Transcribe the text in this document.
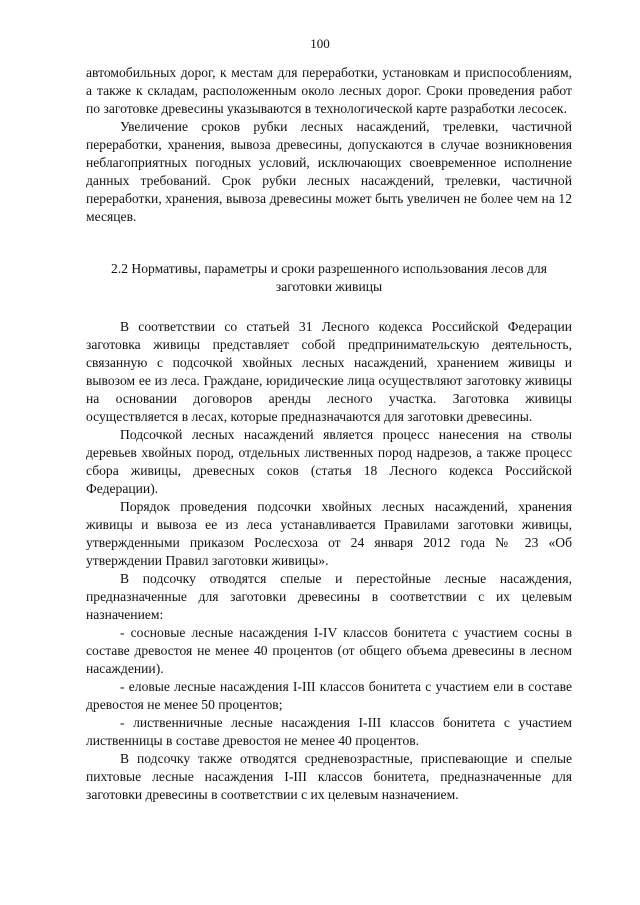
100

автомобильных дорог, к местам для переработки, установкам и приспособлениям, а также к складам, расположенным около лесных дорог. Сроки проведения работ по заготовке древесины указываются в технологической карте разработки лесосек.

Увеличение сроков рубки лесных насаждений, трелевки, частичной переработки, хранения, вывоза древесины, допускаются в случае возникновения неблагоприятных погодных условий, исключающих своевременное исполнение данных требований. Срок рубки лесных насаждений, трелевки, частичной переработки, хранения, вывоза древесины может быть увеличен не более чем на 12 месяцев.

2.2 Нормативы, параметры и сроки разрешенного использования лесов для заготовки живицы

В соответствии со статьей 31 Лесного кодекса Российской Федерации заготовка живицы представляет собой предпринимательскую деятельность, связанную с подсочкой хвойных лесных насаждений, хранением живицы и вывозом ее из леса. Граждане, юридические лица осуществляют заготовку живицы на основании договоров аренды лесного участка. Заготовка живицы осуществляется в лесах, которые предназначаются для заготовки древесины.

Подсочкой лесных насаждений является процесс нанесения на стволы деревьев хвойных пород, отдельных лиственных пород надрезов, а также процесс сбора живицы, древесных соков (статья 18 Лесного кодекса Российской Федерации).

Порядок проведения подсочки хвойных лесных насаждений, хранения живицы и вывоза ее из леса устанавливается Правилами заготовки живицы, утвержденными приказом Рослесхоза от 24 января 2012 года № 23 «Об утверждении Правил заготовки живицы».

В подсочку отводятся спелые и перестойные лесные насаждения, предназначенные для заготовки древесины в соответствии с их целевым назначением:

- сосновые лесные насаждения I-IV классов бонитета с участием сосны в составе древостоя не менее 40 процентов (от общего объема древесины в лесном насаждении).

- еловые лесные насаждения I-III классов бонитета с участием ели в составе древостоя не менее 50 процентов;

- лиственничные лесные насаждения I-III классов бонитета с участием лиственницы в составе древостоя не менее 40 процентов.

В подсочку также отводятся средневозрастные, приспевающие и спелые пихтовые лесные насаждения I-III классов бонитета, предназначенные для заготовки древесины в соответствии с их целевым назначением.
